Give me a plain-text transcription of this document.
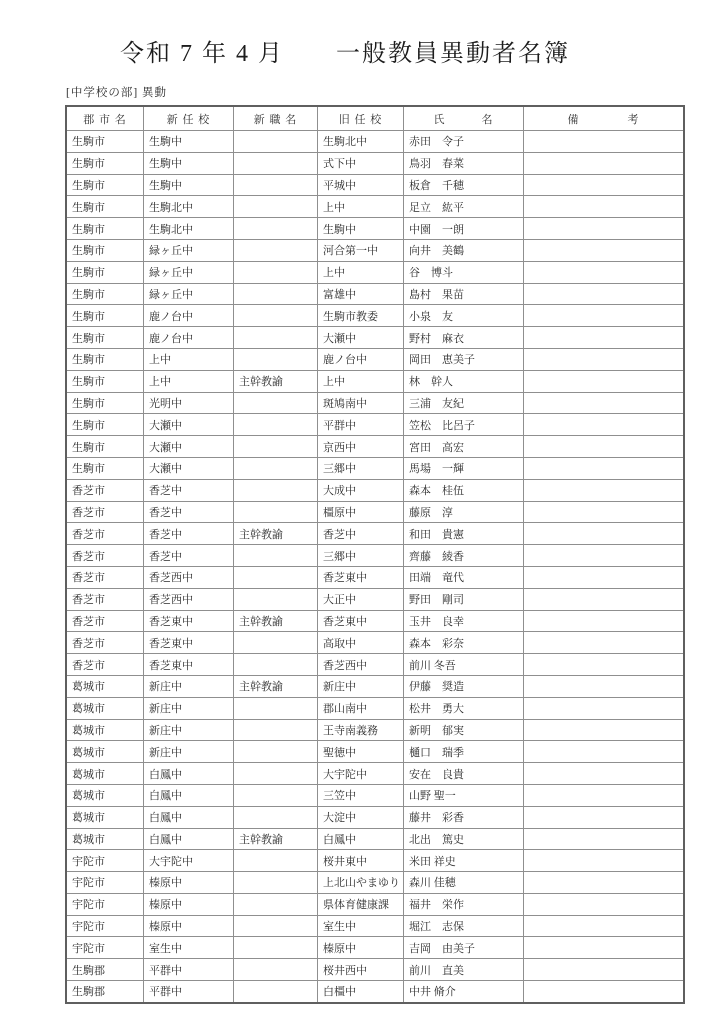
令和 7 年 4 月　　一般教員異動者名簿
[中学校の部] 異動
郡 市 名	新 任 校	新 職 名	旧 任 校	氏　　　名	備　　　　考
生駒市	生駒中		生駒北中	赤田　令子	
生駒市	生駒中		式下中	鳥羽　春菜	
生駒市	生駒中		平城中	板倉　千穂	
生駒市	生駒北中		上中	足立　紘平	
生駒市	生駒北中		生駒中	中園　一朗	
生駒市	緑ヶ丘中		河合第一中	向井　美鶴	
生駒市	緑ヶ丘中		上中	谷　博斗	
生駒市	緑ヶ丘中		富雄中	島村　果苗	
生駒市	鹿ノ台中		生駒市教委	小泉　友	
生駒市	鹿ノ台中		大瀬中	野村　麻衣	
生駒市	上中		鹿ノ台中	岡田　恵美子	
生駒市	上中	主幹教諭	上中	林　幹人	
生駒市	光明中		斑鳩南中	三浦　友紀	
生駒市	大瀬中		平群中	笠松　比呂子	
生駒市	大瀬中		京西中	宮田　高宏	
生駒市	大瀬中		三郷中	馬場　一輝	
香芝市	香芝中		大成中	森本　桂伍	
香芝市	香芝中		橿原中	藤原　淳	
香芝市	香芝中	主幹教諭	香芝中	和田　貴憲	
香芝市	香芝中		三郷中	齊藤　綾香	
香芝市	香芝西中		香芝東中	田端　竜代	
香芝市	香芝西中		大正中	野田　剛司	
香芝市	香芝東中	主幹教諭	香芝東中	玉井　良幸	
香芝市	香芝東中		高取中	森本　彩奈	
香芝市	香芝東中		香芝西中	前川 冬吾	
葛城市	新庄中	主幹教諭	新庄中	伊藤　奨造	
葛城市	新庄中		郡山南中	松井　勇大	
葛城市	新庄中		王寺南義務	新明　郁実	
葛城市	新庄中		聖徳中	樋口　瑞季	
葛城市	白鳳中		大宇陀中	安在　良貴	
葛城市	白鳳中		三笠中	山野 聖一	
葛城市	白鳳中		大淀中	藤井　彩香	
葛城市	白鳳中	主幹教諭	白鳳中	北出　篤史	
宇陀市	大宇陀中		桜井東中	米田 祥史	
宇陀市	榛原中		上北山やまゆり	森川 佳穂	
宇陀市	榛原中		県体育健康課	福井　栄作	
宇陀市	榛原中		室生中	堀江　志保	
宇陀市	室生中		榛原中	吉岡　由美子	
生駒郡	平群中		桜井西中	前川　直美	
生駒郡	平群中		白橿中	中井 脩介	
